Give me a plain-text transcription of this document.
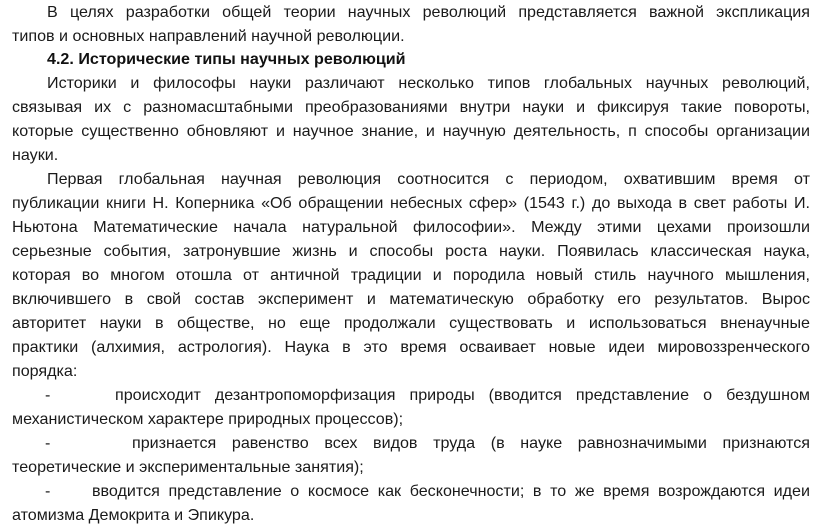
В целях разработки общей теории научных революций представляется важной экспликация
типов и основных направлений научной революции.
4.2. Исторические типы научных революций
Историки и философы науки различают несколько типов глобальных научных революций,
связывая их с разномасштабными преобразованиями внутри науки и фиксируя такие повороты,
которые существенно обновляют и научное знание, и научную деятельность, п способы организации
науки.
Первая глобальная научная революция соотносится с периодом, охватившим время от
публикации книги Н. Коперника «Об обращении небесных сфер» (1543 г.) до выхода в свет работы И.
Ньютона Математические начала натуральной философии». Между этими цехами произошли
серьезные события, затронувшие жизнь и способы роста науки. Появилась классическая наука,
которая во многом отошла от античной традиции и породила новый стиль научного мышления,
включившего в свой состав эксперимент и математическую обработку его результатов. Вырос
авторитет науки в обществе, но еще продолжали существовать и использоваться вненаучные
практики (алхимия, астрология). Наука в это время осваивает новые идеи мировоззренческого
порядка:
-	происходит дезантропоморфизация природы (вводится представление о бездушном
механистическом характере природных процессов);
-	признается равенство всех видов труда (в науке равнозначимыми признаются
теоретические и экспериментальные занятия);
-	вводится представление о космосе как бесконечности; в то же время возрождаются идеи
атомизма Демокрита и Эпикура.
